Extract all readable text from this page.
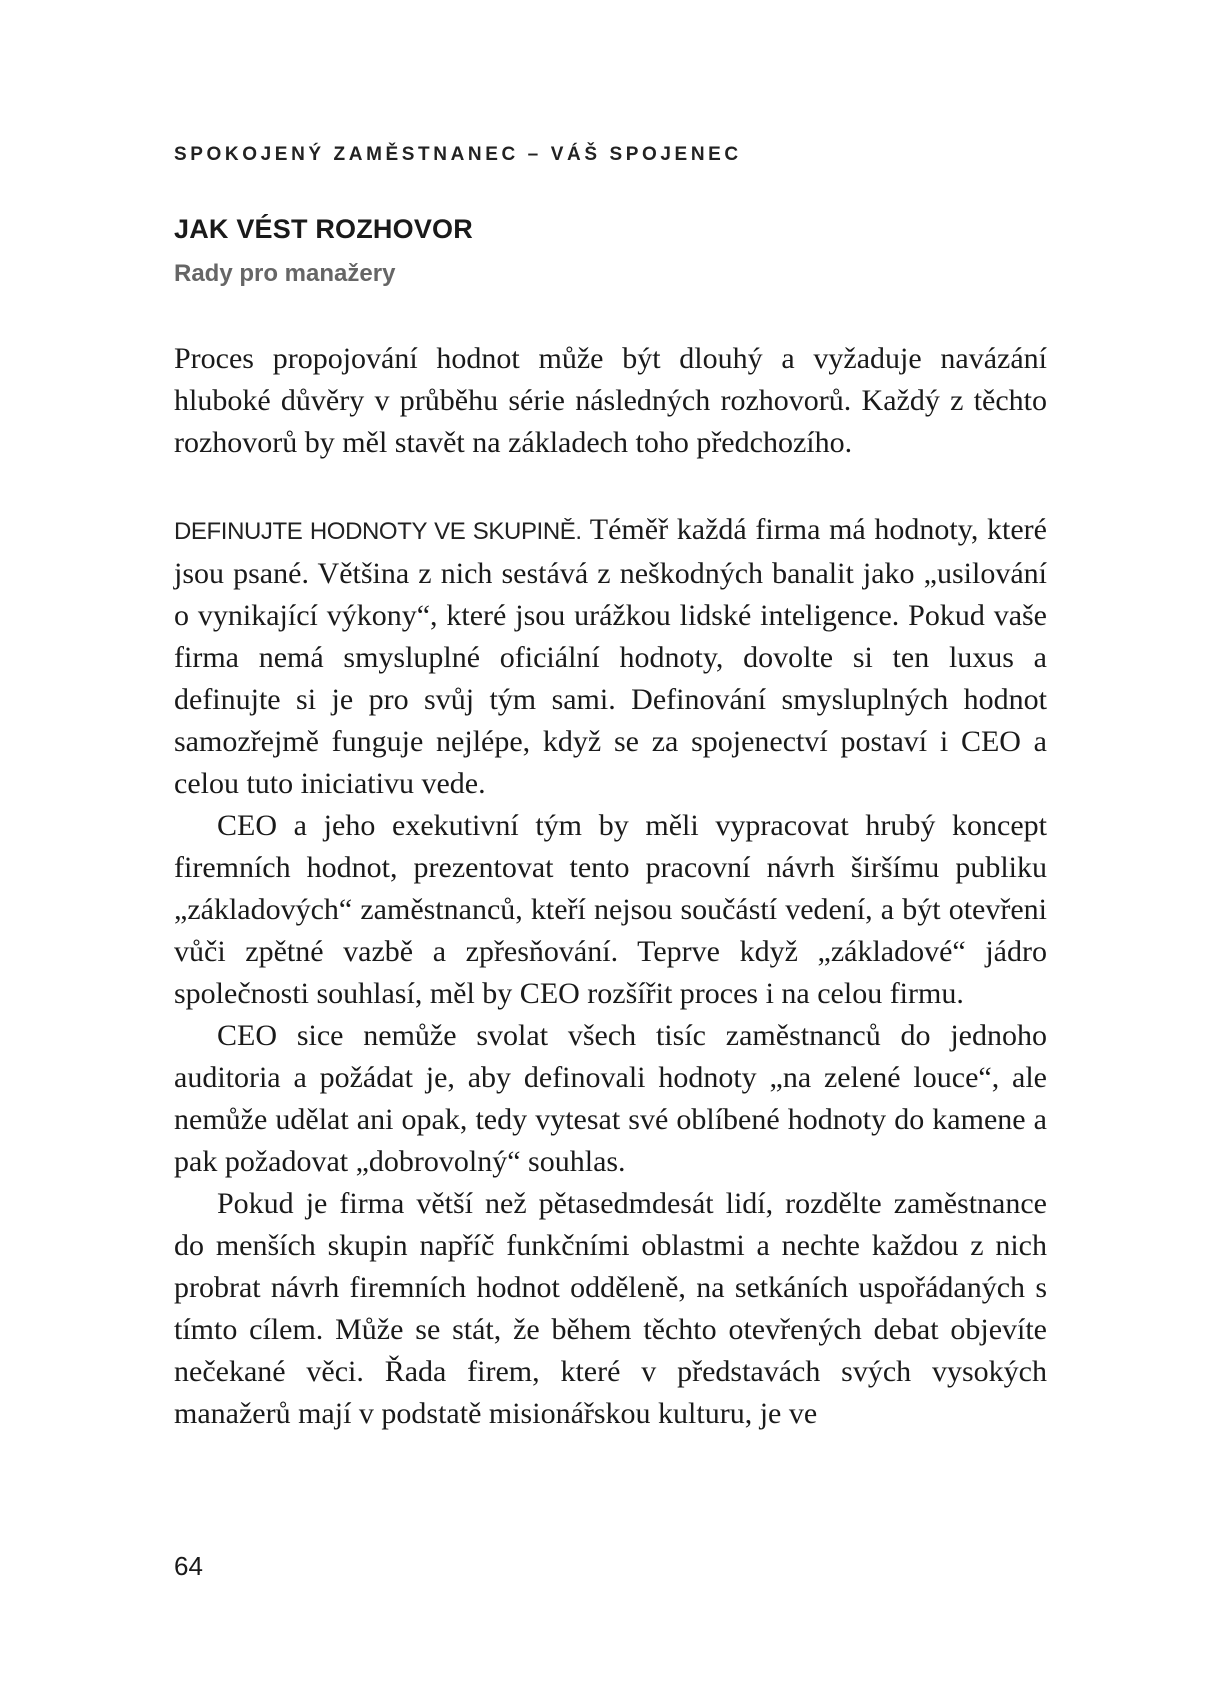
SPOKOJENÝ ZAMĚSTNANEC – VÁŠ SPOJENEC
JAK VÉST ROZHOVOR
Rady pro manažery

Proces propojování hodnot může být dlouhý a vyžaduje navázání hluboké důvěry v průběhu série následných rozhovorů. Každý z těchto rozhovorů by měl stavět na základech toho předchozího.

DEFINUJTE HODNOTY VE SKUPINĚ. Téměř každá firma má hodnoty, které jsou psané. Většina z nich sestává z neškodných banalit jako „usilování o vynikající výkony“, které jsou urážkou lidské inteligence. Pokud vaše firma nemá smysluplné oficiální hodnoty, dovolte si ten luxus a definujte si je pro svůj tým sami. Definování smysluplných hodnot samozřejmě funguje nejlépe, když se za spojenectví postaví i CEO a celou tuto iniciativu vede.

CEO a jeho exekutivní tým by měli vypracovat hrubý koncept firemních hodnot, prezentovat tento pracovní návrh širšímu publiku „základových“ zaměstnanců, kteří nejsou součástí vedení, a být otevřeni vůči zpětné vazbě a zpřesňování. Teprve když „základové“ jádro společnosti souhlasí, měl by CEO rozšířit proces i na celou firmu.

CEO sice nemůže svolat všech tisíc zaměstnanců do jednoho auditoria a požádat je, aby definovali hodnoty „na zelené louce“, ale nemůže udělat ani opak, tedy vytesat své oblíbené hodnoty do kamene a pak požadovat „dobrovolný“ souhlas.

Pokud je firma větší než pětasedmdesát lidí, rozdělte zaměstnance do menších skupin napříč funkčními oblastmi a nechte každou z nich probrat návrh firemních hodnot odděleně, na setkáních uspořádaných s tímto cílem. Může se stát, že během těchto otevřených debat objevíte nečekané věci. Řada firem, které v představách svých vysokých manažerů mají v podstatě misionářskou kulturu, je ve

64
